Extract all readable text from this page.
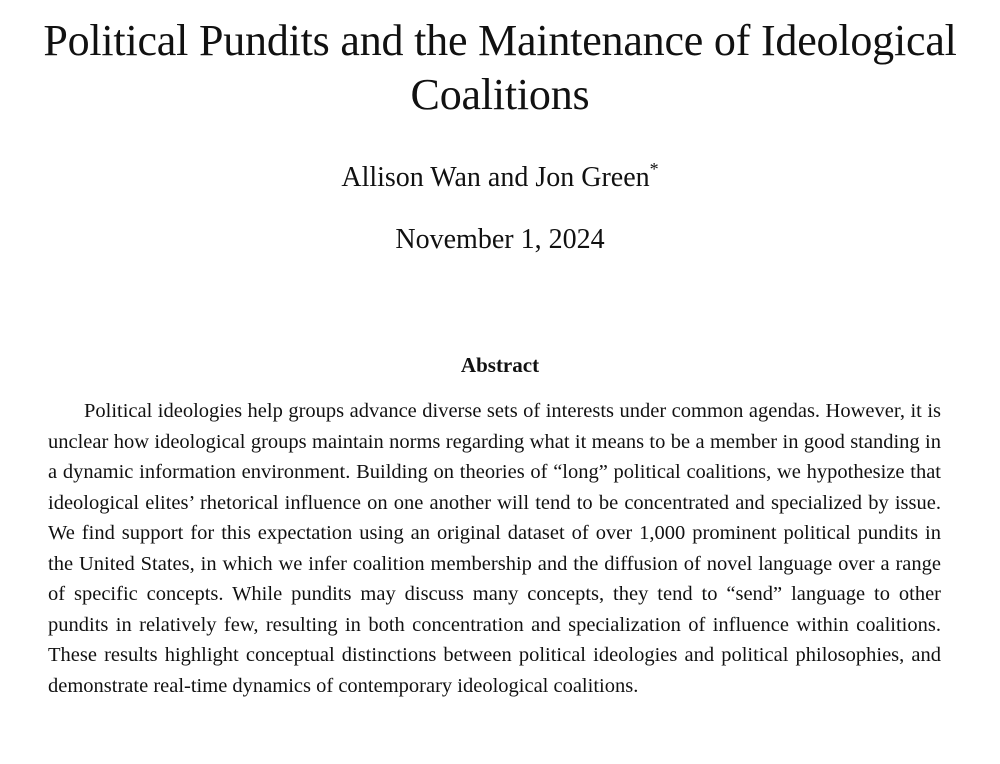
Political Pundits and the Maintenance of Ideological Coalitions
Allison Wan and Jon Green*
November 1, 2024
Abstract

Political ideologies help groups advance diverse sets of interests under common agendas. However, it is unclear how ideological groups maintain norms regarding what it means to be a member in good standing in a dynamic information environment. Building on theories of “long” political coalitions, we hypothesize that ideological elites’ rhetorical influence on one another will tend to be concentrated and specialized by issue. We find support for this expectation using an original dataset of over 1,000 prominent political pundits in the United States, in which we infer coalition membership and the diffusion of novel language over a range of specific concepts. While pundits may discuss many concepts, they tend to “send” language to other pundits in relatively few, resulting in both concentration and specialization of influence within coalitions. These results highlight conceptual distinctions between political ideologies and political philosophies, and demonstrate real-time dynamics of contemporary ideological coalitions.
